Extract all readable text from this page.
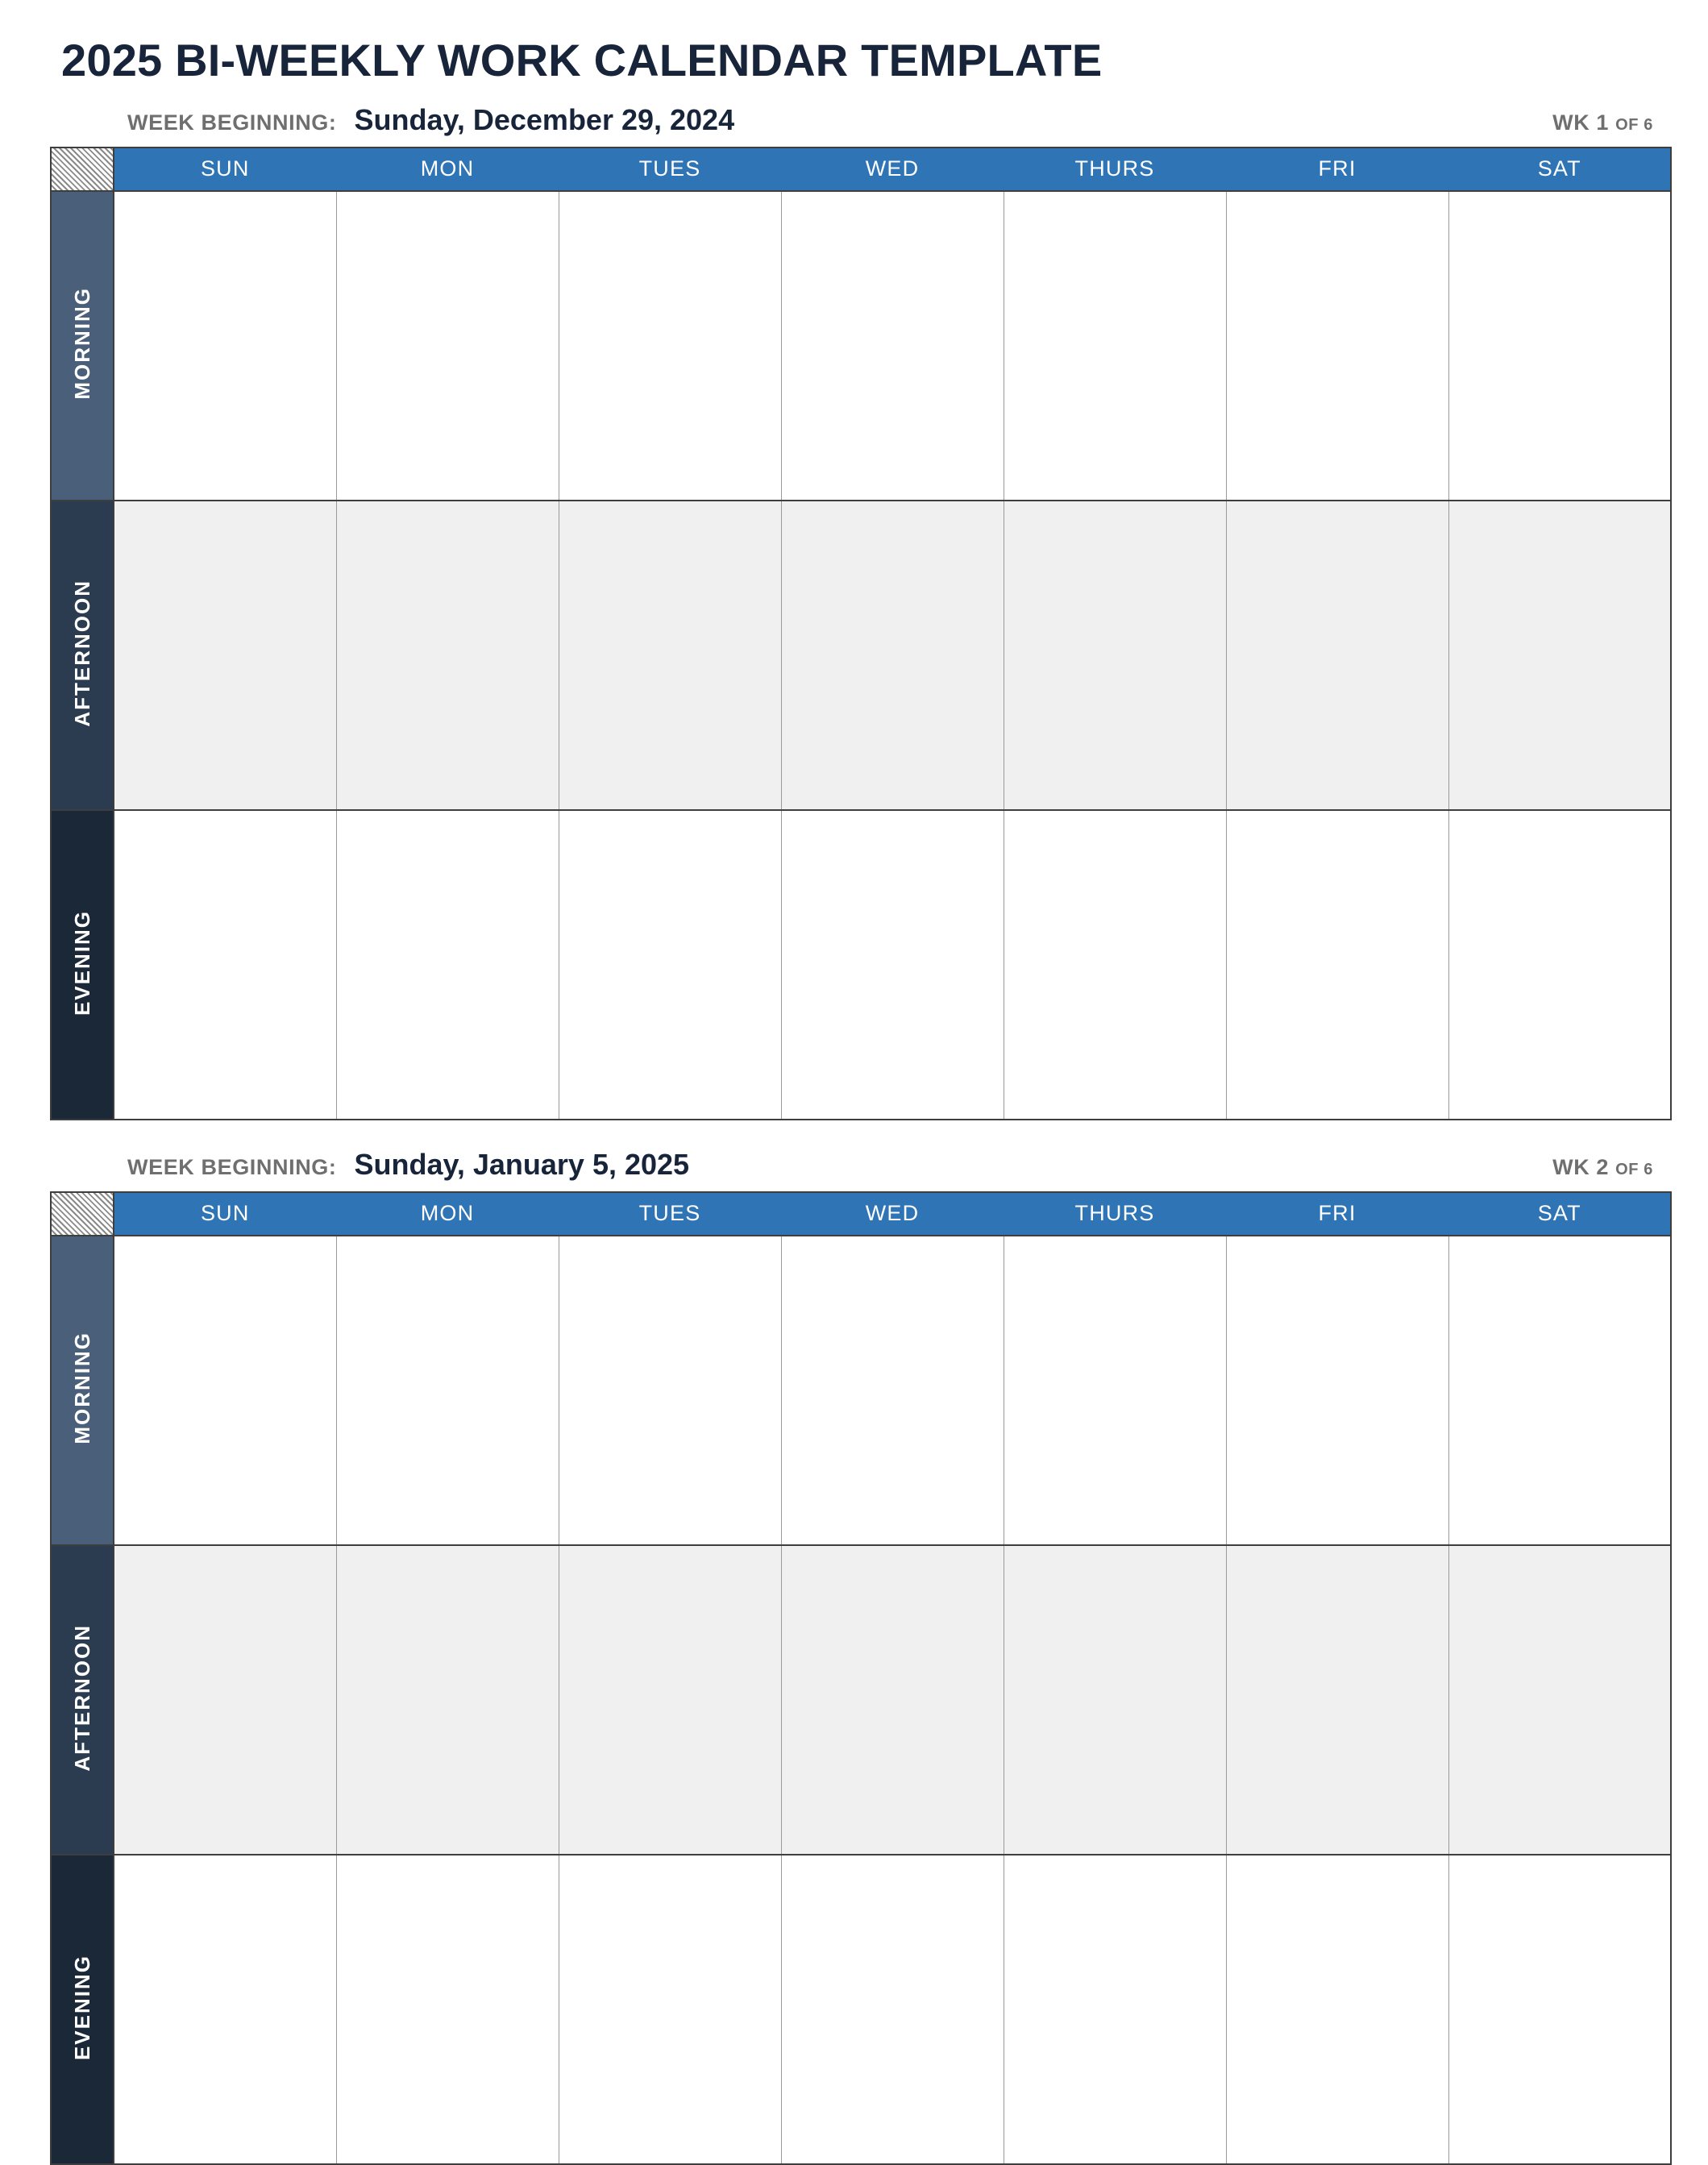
2025 BI-WEEKLY WORK CALENDAR TEMPLATE
WEEK BEGINNING: Sunday, December 29, 2024	WK 1 OF 6
	SUN	MON	TUES	WED	THURS	FRI	SAT
MORNING							
AFTERNOON							
EVENING							
WEEK BEGINNING: Sunday, January 5, 2025	WK 2 OF 6
	SUN	MON	TUES	WED	THURS	FRI	SAT
MORNING							
AFTERNOON							
EVENING							
